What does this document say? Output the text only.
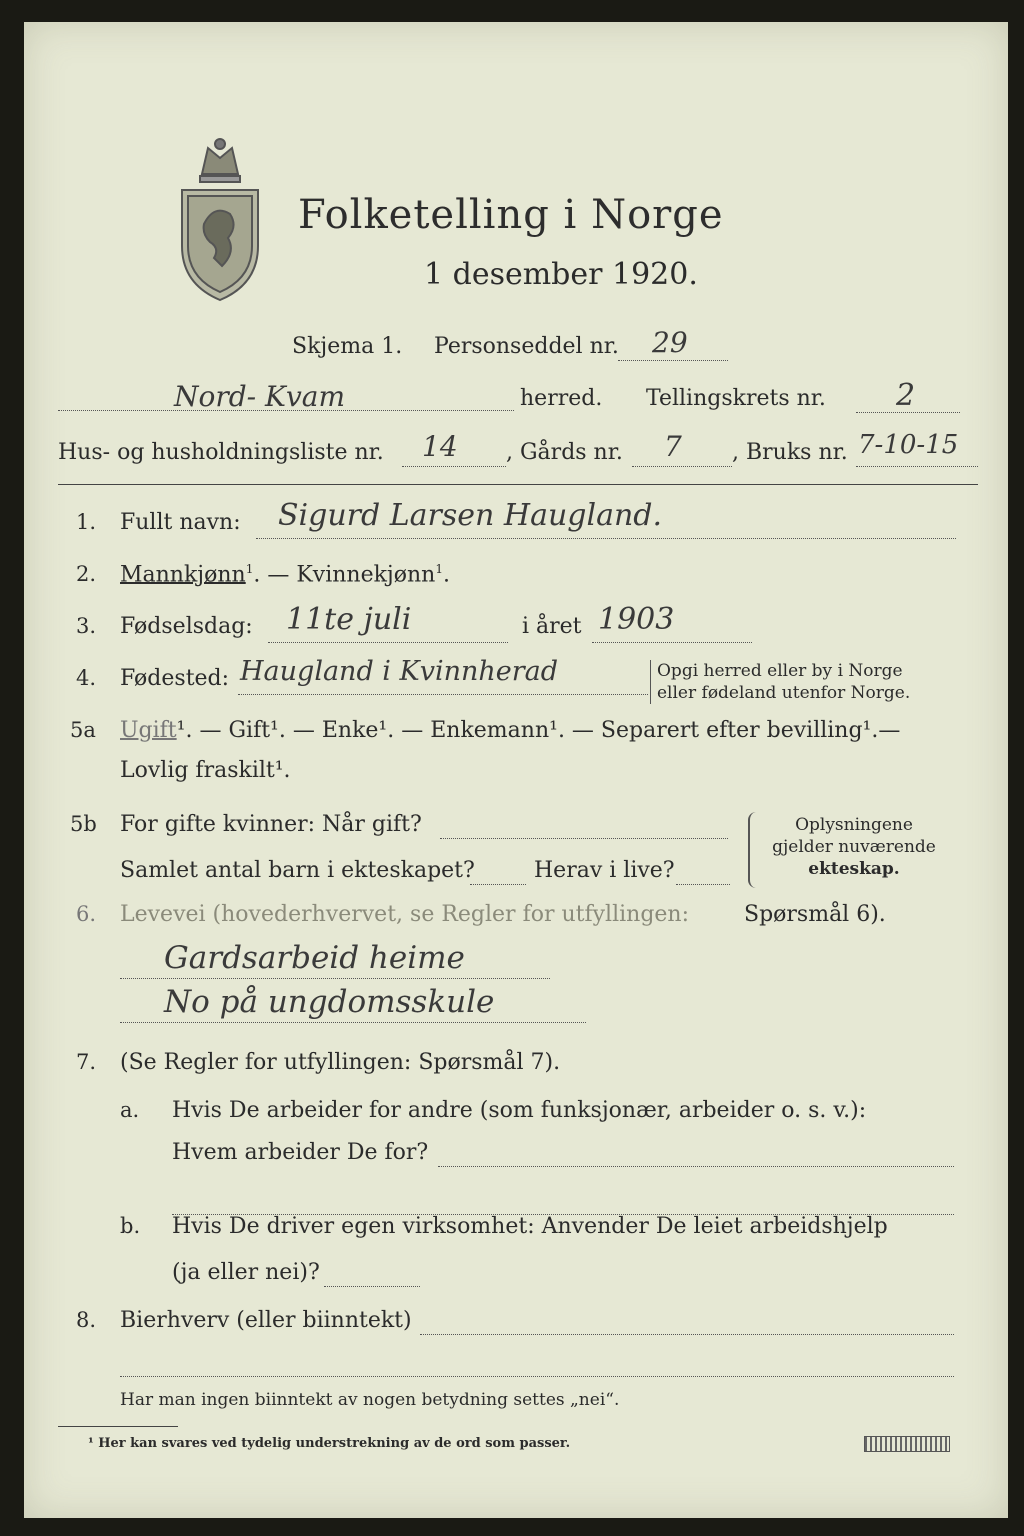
Folketelling i Norge
1 desember 1920.
Skjema 1. Personseddel nr. 29
Nord- Kvam	herred. Tellingskrets nr. 2
Hus- og husholdningsliste nr. 14 , Gårds nr. 7 , Bruks nr. 7-10-15
1. Fullt navn: Sigurd Larsen Haugland.
2. Mannkjønn$^1$. — Kvinnekjønn$^1$.
3. Fødselsdag: 11te juli	i året 1903
4. Fødested: Haugland i Kvinnherad	Opgi herred eller by i Norge
eller fødeland utenfor Norge.
5a Ugift¹. — Gift¹. — Enke¹. — Enkemann¹. — Separert efter bevilling¹.—
Lovlig fraskilt¹.
5b For gifte kvinner: Når gift?
Samlet antal barn i ekteskapet?	Herav i live?
Oplysningene
gjelder nuværende
ekteskap.
6. Levevei (hovederhvervet, se Regler for utfyllingen: Spørsmål 6).
Gardsarbeid heime
No på ungdomsskule
7. (Se Regler for utfyllingen: Spørsmål 7).
a. Hvis De arbeider for andre (som funksjonær, arbeider o. s. v.):
Hvem arbeider De for?
b. Hvis De driver egen virksomhet: Anvender De leiet arbeidshjelp
(ja eller nei)?
8. Bierhverv (eller biinntekt)
Har man ingen biinntekt av nogen betydning settes „nei“.
¹ Her kan svares ved tydelig understrekning av de ord som passer.
